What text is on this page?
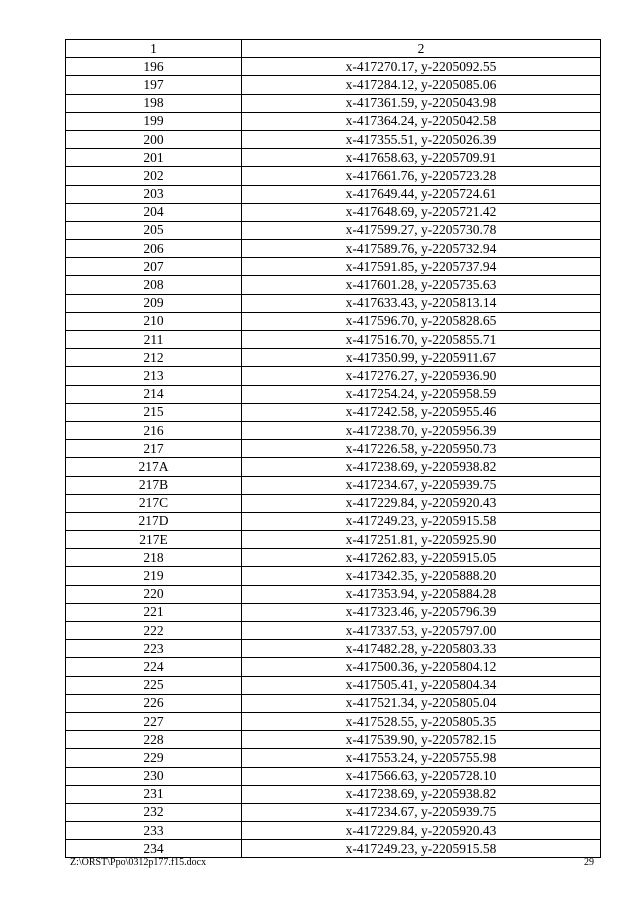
1	2
196	x-417270.17, y-2205092.55
197	x-417284.12, y-2205085.06
198	x-417361.59, y-2205043.98
199	x-417364.24, y-2205042.58
200	x-417355.51, y-2205026.39
201	x-417658.63, y-2205709.91
202	x-417661.76, y-2205723.28
203	x-417649.44, y-2205724.61
204	x-417648.69, y-2205721.42
205	x-417599.27, y-2205730.78
206	x-417589.76, y-2205732.94
207	x-417591.85, y-2205737.94
208	x-417601.28, y-2205735.63
209	x-417633.43, y-2205813.14
210	x-417596.70, y-2205828.65
211	x-417516.70, y-2205855.71
212	x-417350.99, y-2205911.67
213	x-417276.27, y-2205936.90
214	x-417254.24, y-2205958.59
215	x-417242.58, y-2205955.46
216	x-417238.70, y-2205956.39
217	x-417226.58, y-2205950.73
217A	x-417238.69, y-2205938.82
217B	x-417234.67, y-2205939.75
217C	x-417229.84, y-2205920.43
217D	x-417249.23, y-2205915.58
217E	x-417251.81, y-2205925.90
218	x-417262.83, y-2205915.05
219	x-417342.35, y-2205888.20
220	x-417353.94, y-2205884.28
221	x-417323.46, y-2205796.39
222	x-417337.53, y-2205797.00
223	x-417482.28, y-2205803.33
224	x-417500.36, y-2205804.12
225	x-417505.41, y-2205804.34
226	x-417521.34, y-2205805.04
227	x-417528.55, y-2205805.35
228	x-417539.90, y-2205782.15
229	x-417553.24, y-2205755.98
230	x-417566.63, y-2205728.10
231	x-417238.69, y-2205938.82
232	x-417234.67, y-2205939.75
233	x-417229.84, y-2205920.43
234	x-417249.23, y-2205915.58
Z:\ORST\Ppo\0312p177.f15.docx	29
